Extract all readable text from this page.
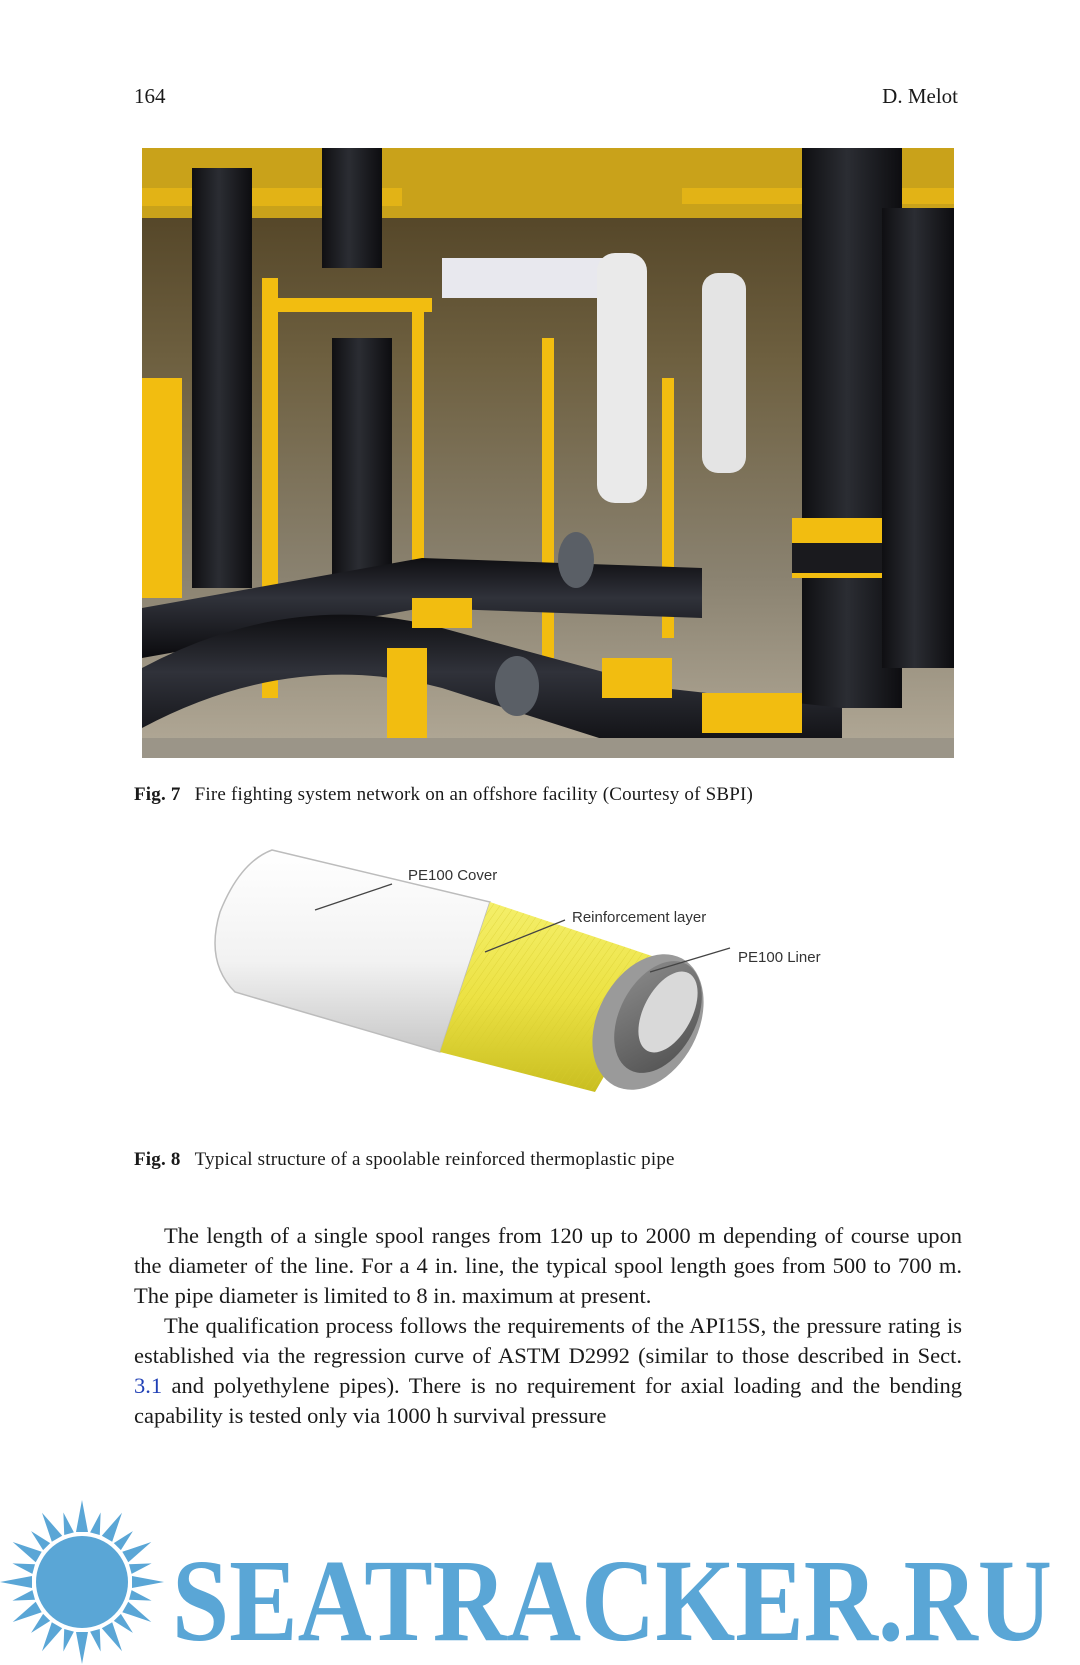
164	D. Melot
Fig. 7 Fire fighting system network on an offshore facility (Courtesy of SBPI)
PE100 Cover
Reinforcement layer
PE100 Liner
Fig. 8 Typical structure of a spoolable reinforced thermoplastic pipe

The length of a single spool ranges from 120 up to 2000 m depending of course upon the diameter of the line. For a 4 in. line, the typical spool length goes from 500 to 700 m. The pipe diameter is limited to 8 in. maximum at present.

The qualification process follows the requirements of the API15S, the pressure rating is established via the regression curve of ASTM D2992 (similar to those described in Sect. 3.1 and polyethylene pipes). There is no requirement for axial loading and the bending capability is tested only via 1000 h survival pressure

SEATRACKER.RU
